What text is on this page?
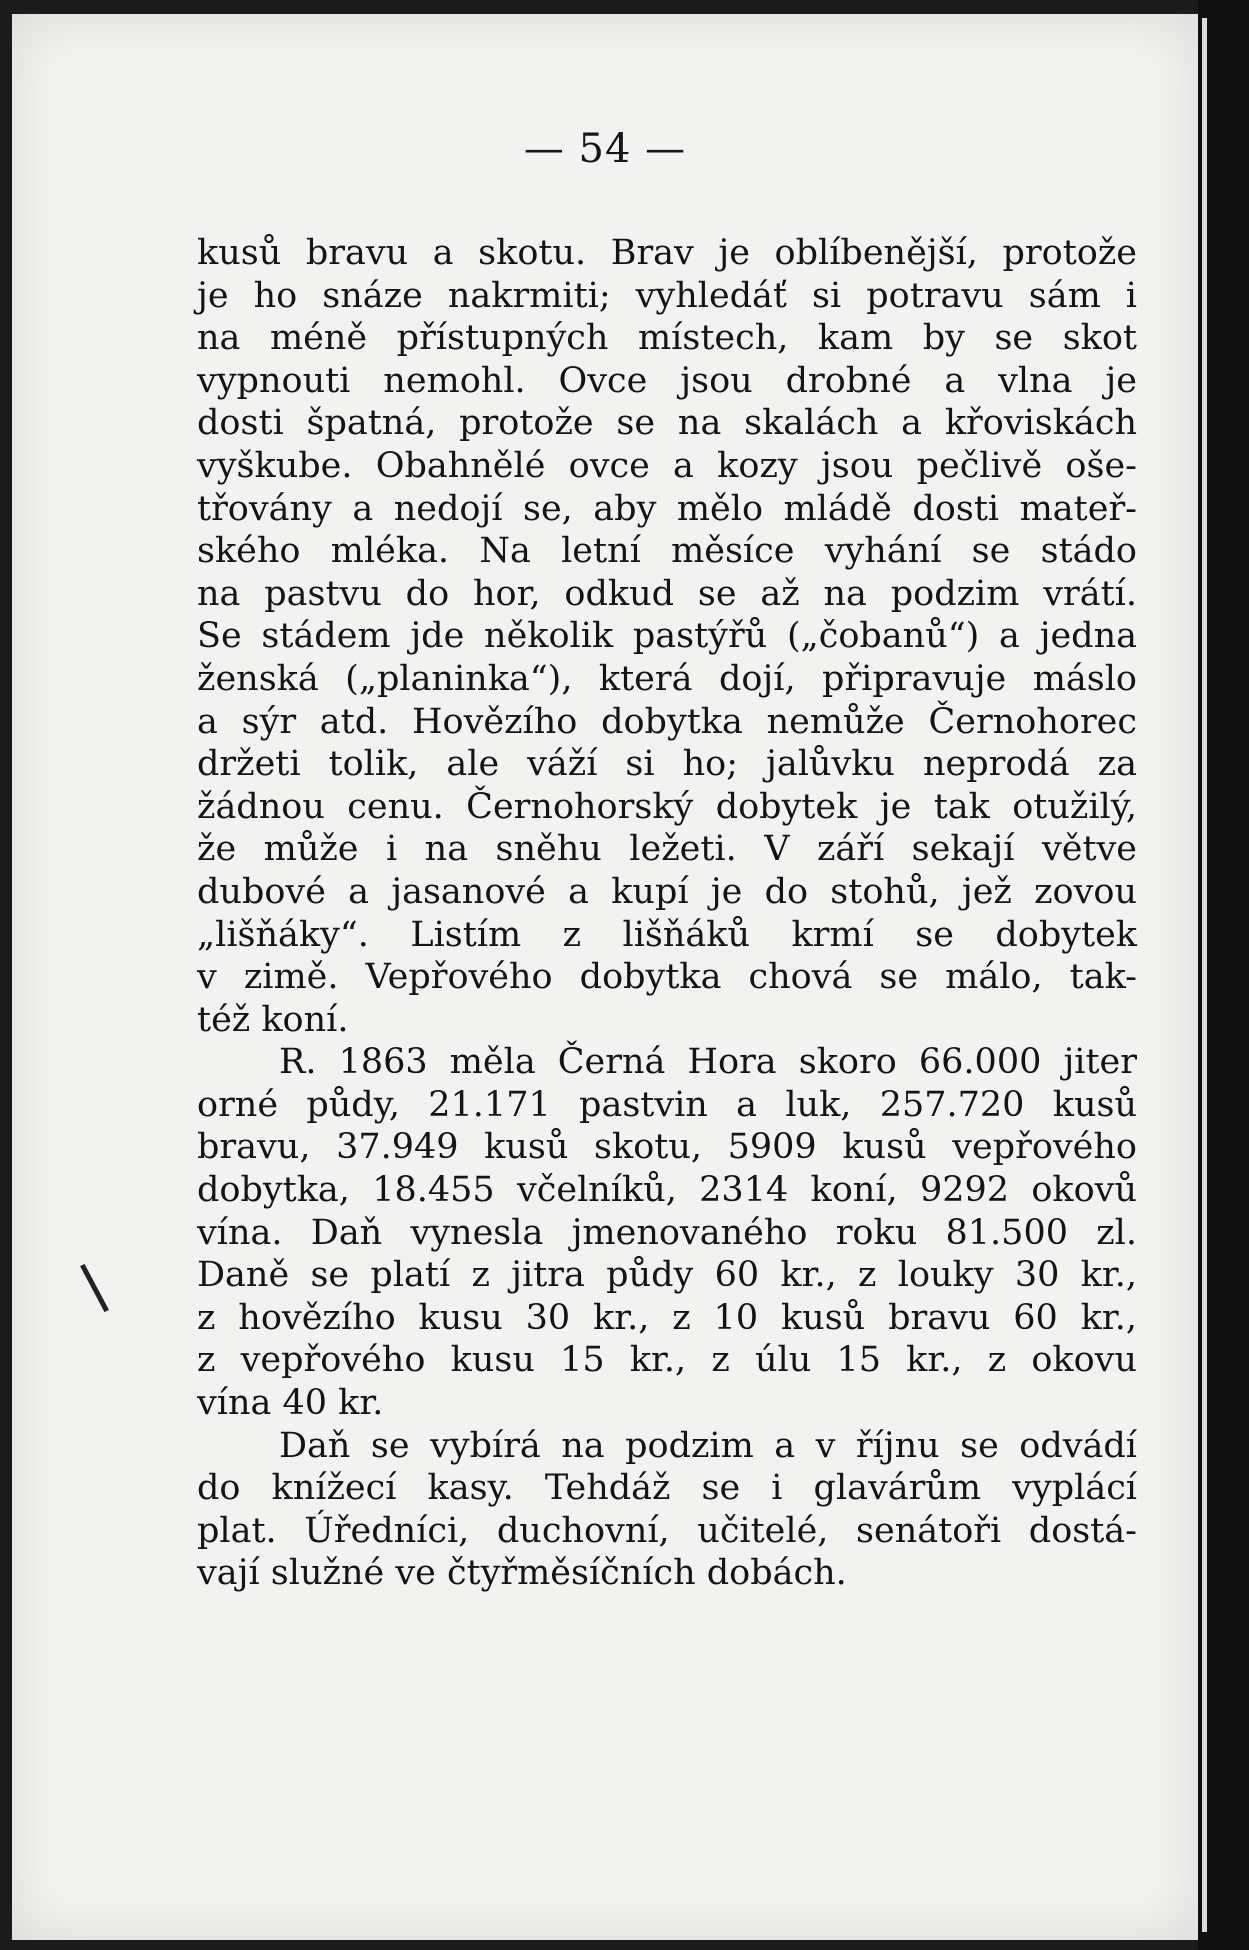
— 54 —
kusů bravu a skotu. Brav je oblíbenější, protože
je ho snáze nakrmiti; vyhledáť si potravu sám i
na méně přístupných místech, kam by se skot
vypnouti nemohl. Ovce jsou drobné a vlna je
dosti špatná, protože se na skalách a křoviskách
vyškube. Obahnělé ovce a kozy jsou pečlivě oše-
třovány a nedojí se, aby mělo mládě dosti mateř-
ského mléka. Na letní měsíce vyhání se stádo
na pastvu do hor, odkud se až na podzim vrátí.
Se stádem jde několik pastýřů („čobanů“) a jedna
ženská („planinka“), která dojí, připravuje máslo
a sýr atd. Hovězího dobytka nemůže Černohorec
držeti tolik, ale váží si ho; jalůvku neprodá za
žádnou cenu. Černohorský dobytek je tak otužilý,
že může i na sněhu ležeti. V září sekají větve
dubové a jasanové a kupí je do stohů, jež zovou
„lišňáky“. Listím z lišňáků krmí se dobytek
v zimě. Vepřového dobytka chová se málo, tak-
též koní.
R. 1863 měla Černá Hora skoro 66.000 jiter
orné půdy, 21.171 pastvin a luk, 257.720 kusů
bravu, 37.949 kusů skotu, 5909 kusů vepřového
dobytka, 18.455 včelníků, 2314 koní, 9292 okovů
vína. Daň vynesla jmenovaného roku 81.500 zl.
Daně se platí z jitra půdy 60 kr., z louky 30 kr.,
z hovězího kusu 30 kr., z 10 kusů bravu 60 kr.,
z vepřového kusu 15 kr., z úlu 15 kr., z okovu
vína 40 kr.
Daň se vybírá na podzim a v říjnu se odvádí
do knížecí kasy. Tehdáž se i glavárům vyplácí
plat. Úředníci, duchovní, učitelé, senátoři dostá-
vají služné ve čtyřměsíčních dobách.
